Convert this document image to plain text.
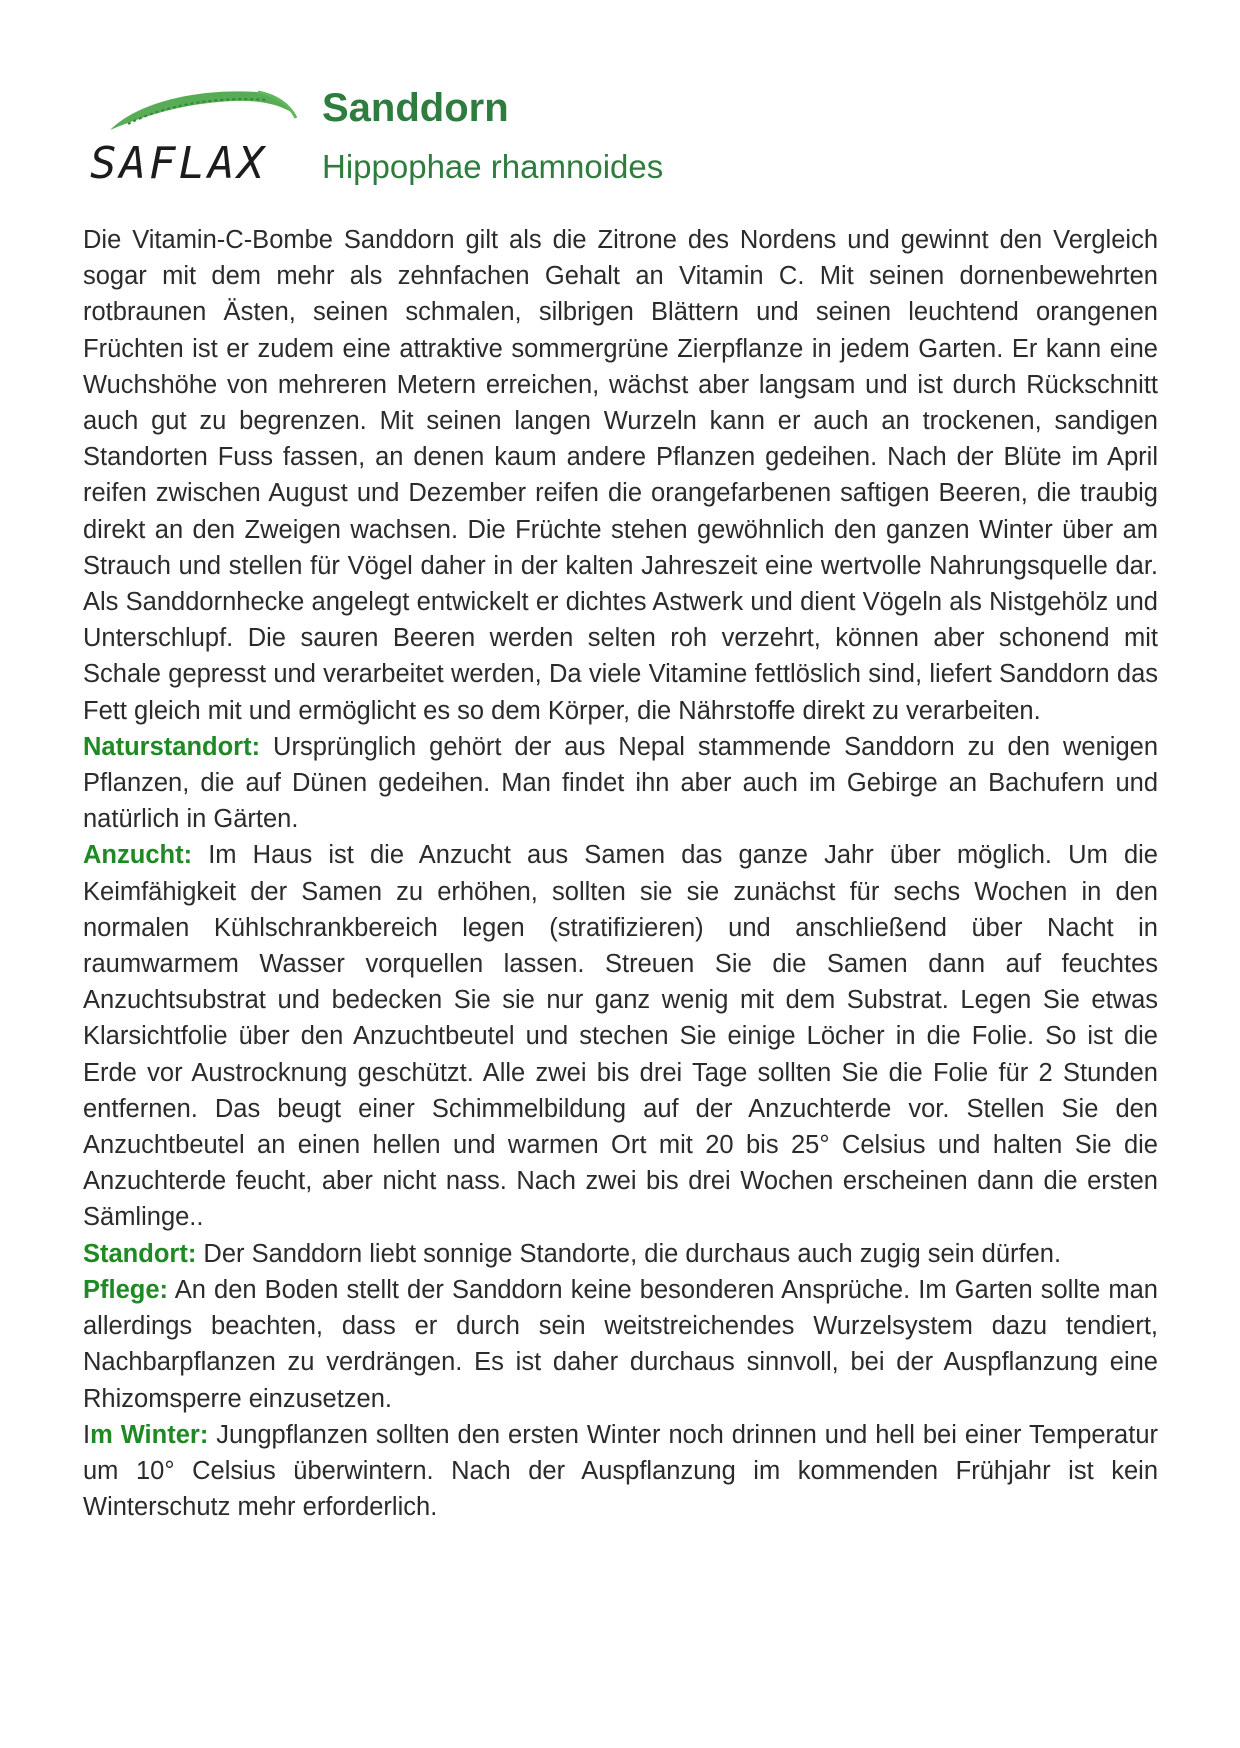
SAFLAX
Sanddorn
Hippophae rhamnoides

Die Vitamin-C-Bombe Sanddorn gilt als die Zitrone des Nordens und gewinnt den Vergleich sogar mit dem mehr als zehnfachen Gehalt an Vitamin C. Mit seinen dornenbewehrten rotbraunen Ästen, seinen schmalen, silbrigen Blättern und seinen leuchtend orangenen Früchten ist er zudem eine attraktive sommergrüne Zierpflanze in jedem Garten. Er kann eine Wuchshöhe von mehreren Metern erreichen, wächst aber langsam und ist durch Rückschnitt auch gut zu begrenzen. Mit seinen langen Wurzeln kann er auch an trockenen, sandigen Standorten Fuss fassen, an denen kaum andere Pflanzen gedeihen. Nach der Blüte im April reifen zwischen August und Dezember reifen die orangefarbenen saftigen Beeren, die traubig direkt an den Zweigen wachsen. Die Früchte stehen gewöhnlich den ganzen Winter über am Strauch und stellen für Vögel daher in der kalten Jahreszeit eine wertvolle Nahrungsquelle dar. Als Sanddornhecke angelegt entwickelt er dichtes Astwerk und dient Vögeln als Nistgehölz und Unterschlupf. Die sauren Beeren werden selten roh verzehrt, können aber schonend mit Schale gepresst und verarbeitet werden, Da viele Vitamine fettlöslich sind, liefert Sanddorn das Fett gleich mit und ermöglicht es so dem Körper, die Nährstoffe direkt zu verarbeiten.

Naturstandort: Ursprünglich gehört der aus Nepal stammende Sanddorn zu den wenigen Pflanzen, die auf Dünen gedeihen. Man findet ihn aber auch im Gebirge an Bachufern und natürlich in Gärten.

Anzucht: Im Haus ist die Anzucht aus Samen das ganze Jahr über möglich. Um die Keimfähigkeit der Samen zu erhöhen, sollten sie sie zunächst für sechs Wochen in den normalen Kühlschrankbereich legen (stratifizieren) und anschließend über Nacht in raumwarmem Wasser vorquellen lassen. Streuen Sie die Samen dann auf feuchtes Anzuchtsubstrat und bedecken Sie sie nur ganz wenig mit dem Substrat. Legen Sie etwas Klarsichtfolie über den Anzuchtbeutel und stechen Sie einige Löcher in die Folie. So ist die Erde vor Austrocknung geschützt. Alle zwei bis drei Tage sollten Sie die Folie für 2 Stunden entfernen. Das beugt einer Schimmelbildung auf der Anzuchterde vor. Stellen Sie den Anzuchtbeutel an einen hellen und warmen Ort mit 20 bis 25° Celsius und halten Sie die Anzuchterde feucht, aber nicht nass. Nach zwei bis drei Wochen erscheinen dann die ersten Sämlinge..

Standort: Der Sanddorn liebt sonnige Standorte, die durchaus auch zugig sein dürfen.

Pflege: An den Boden stellt der Sanddorn keine besonderen Ansprüche. Im Garten sollte man allerdings beachten, dass er durch sein weitstreichendes Wurzelsystem dazu tendiert, Nachbarpflanzen zu verdrängen. Es ist daher durchaus sinnvoll, bei der Auspflanzung eine Rhizomsperre einzusetzen.

Im Winter: Jungpflanzen sollten den ersten Winter noch drinnen und hell bei einer Temperatur um 10° Celsius überwintern. Nach der Auspflanzung im kommenden Frühjahr ist kein Winterschutz mehr erforderlich.
